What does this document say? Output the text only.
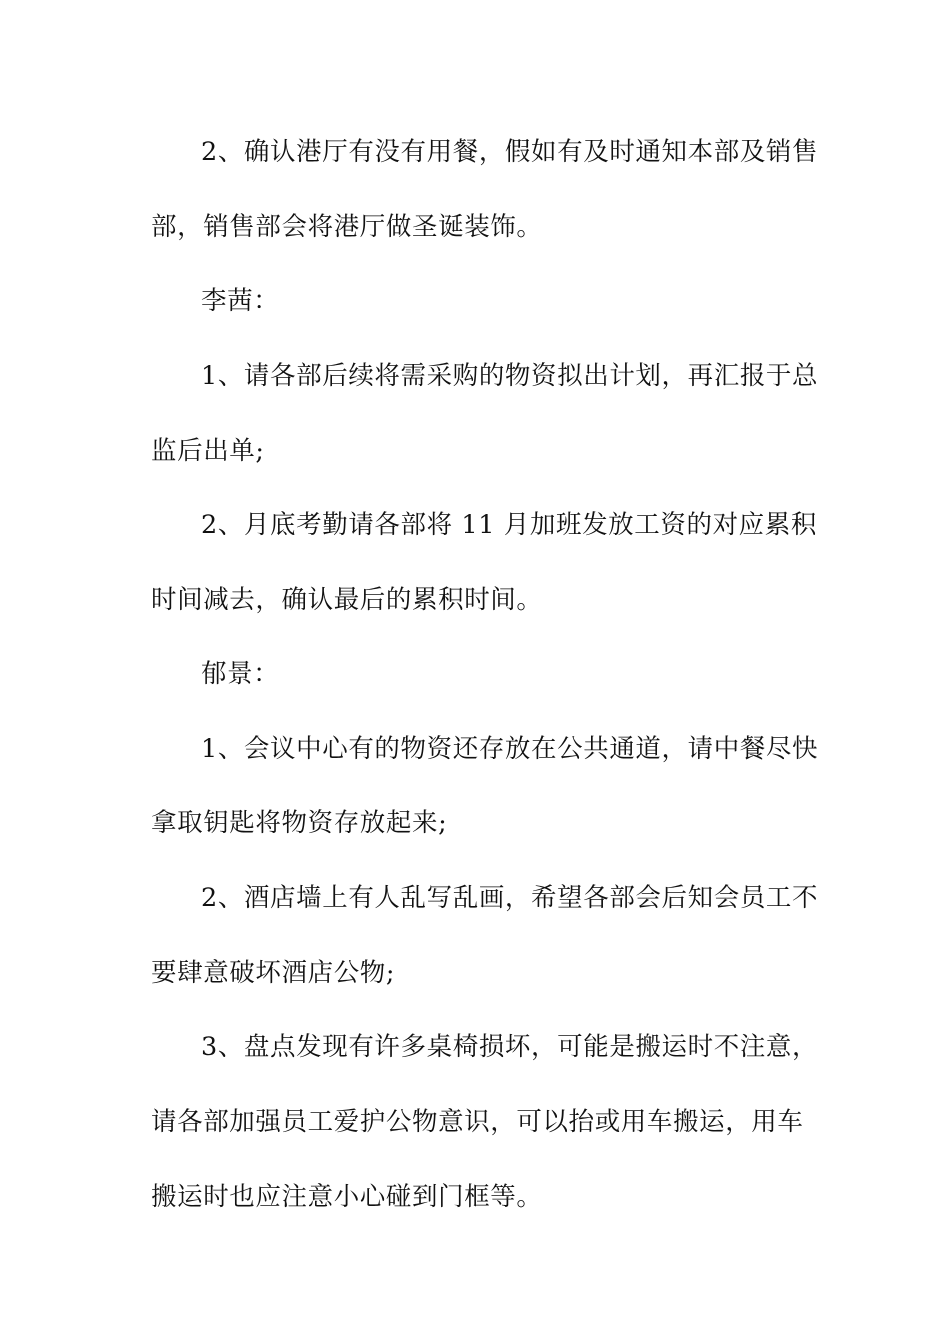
2、确认港厅有没有用餐，假如有及时通知本部及销售
部，销售部会将港厅做圣诞装饰。
李茜：
1、请各部后续将需采购的物资拟出计划，再汇报于总
监后出单;
2、月底考勤请各部将 11 月加班发放工资的对应累积
时间减去，确认最后的累积时间。
郁景：
1、会议中心有的物资还存放在公共通道，请中餐尽快
拿取钥匙将物资存放起来;
2、酒店墙上有人乱写乱画，希望各部会后知会员工不
要肆意破坏酒店公物;
3、盘点发现有许多桌椅损坏，可能是搬运时不注意，
请各部加强员工爱护公物意识，可以抬或用车搬运，用车
搬运时也应注意小心碰到门框等。
